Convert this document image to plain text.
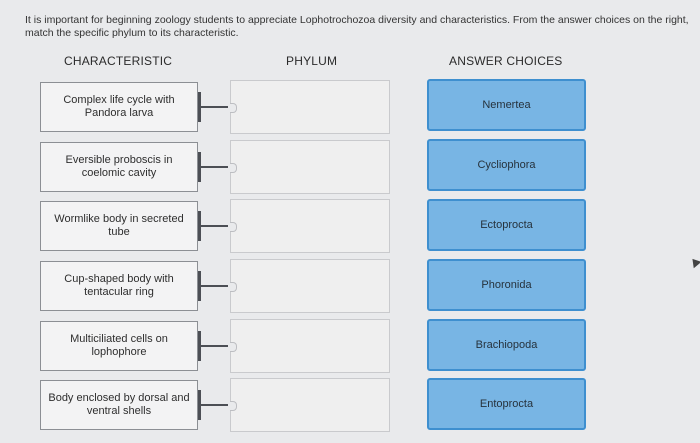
It is important for beginning zoology students to appreciate Lophotrochozoa diversity and characteristics. From the answer choices on the right, match the specific phylum to its characteristic.
CHARACTERISTIC	PHYLUM	ANSWER CHOICES
Complex life cycle with
Pandora larva
Nemertea
Eversible proboscis in
coelomic cavity
Cycliophora
Wormlike body in secreted
tube
Ectoprocta
Cup-shaped body with
tentacular ring
Phoronida
Multiciliated cells on
lophophore
Brachiopoda
Body enclosed by dorsal and
ventral shells
Entoprocta
